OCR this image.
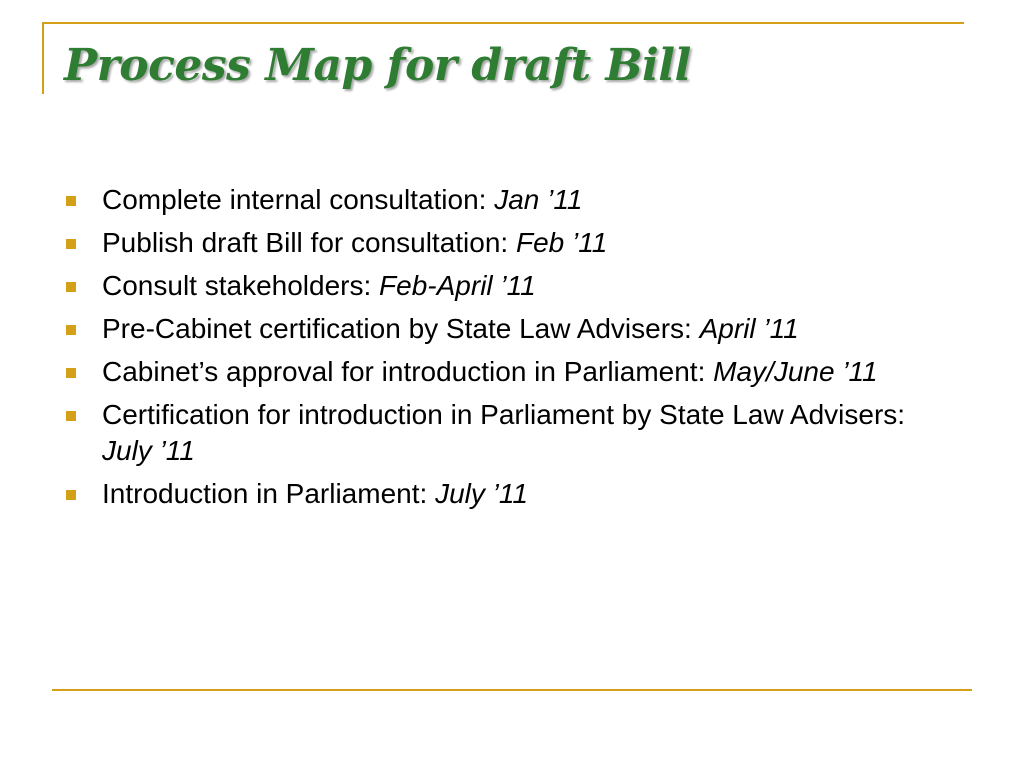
Process Map for draft Bill
Complete internal consultation: Jan ’11
Publish draft Bill for consultation: Feb ’11
Consult stakeholders: Feb-April ’11
Pre-Cabinet certification by State Law Advisers: April ’11
Cabinet’s approval for introduction in Parliament: May/June ’11
Certification for introduction in Parliament by State Law Advisers: July ’11
Introduction in Parliament: July ’11
